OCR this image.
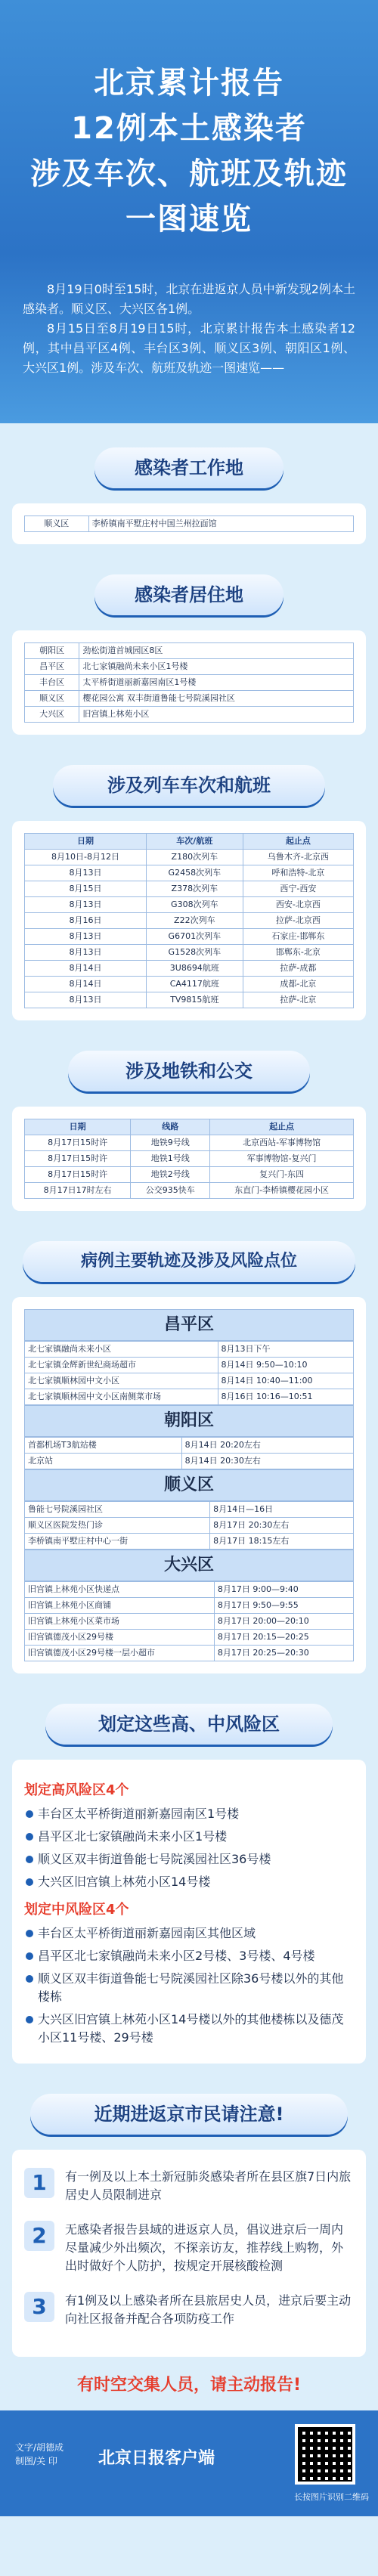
北京累计报告
12例本土感染者
涉及车次、航班及轨迹
一图速览

8月19日0时至15时，北京在进返京人员中新发现2例本土感染者。顺义区、大兴区各1例。

8月15日至8月19日15时，北京累计报告本土感染者12例，其中昌平区4例、丰台区3例、顺义区3例、朝阳区1例、大兴区1例。涉及车次、航班及轨迹一图速览——

感染者工作地
顺义区	李桥镇南平墅庄村中国兰州拉面馆
感染者居住地
朝阳区	劲松街道首城园区8区
昌平区	北七家镇融尚未来小区1号楼
丰台区	太平桥街道丽新嘉园南区1号楼
顺义区	樱花园公寓 双丰街道鲁能七号院溪园社区
大兴区	旧宫镇上林苑小区
涉及列车车次和航班
日期	车次/航班	起止点
8月10日-8月12日	Z180次列车	乌鲁木齐-北京西
8月13日	G2458次列车	呼和浩特-北京
8月15日	Z378次列车	西宁-西安
8月13日	G308次列车	西安-北京西
8月16日	Z22次列车	拉萨-北京西
8月13日	G6701次列车	石家庄-邯郸东
8月13日	G1528次列车	邯郸东-北京
8月14日	3U8694航班	拉萨-成都
8月14日	CA4117航班	成都-北京
8月13日	TV9815航班	拉萨-北京
涉及地铁和公交
日期	线路	起止点
8月17日15时许	地铁9号线	北京西站-军事博物馆
8月17日15时许	地铁1号线	军事博物馆-复兴门
8月17日15时许	地铁2号线	复兴门-东四
8月17日17时左右	公交935快车	东直门-李桥镇樱花园小区
病例主要轨迹及涉及风险点位
昌平区
北七家镇融尚未来小区	8月13日下午
北七家镇金辉新世纪商场超市	8月14日 9:50—10:10
北七家镇顺林园中文小区	8月14日 10:40—11:00
北七家镇顺林园中文小区南侧菜市场	8月16日 10:16—10:51
朝阳区
首都机场T3航站楼	8月14日 20:20左右
北京站	8月14日 20:30左右
顺义区
鲁能七号院溪园社区	8月14日—16日
顺义区医院发热门诊	8月17日 20:30左右
李桥镇南平墅庄村中心一街	8月17日 18:15左右
大兴区
旧宫镇上林苑小区快递点	8月17日 9:00—9:40
旧宫镇上林苑小区商铺	8月17日 9:50—9:55
旧宫镇上林苑小区菜市场	8月17日 20:00—20:10
旧宫镇德茂小区29号楼	8月17日 20:15—20:25
旧宫镇德茂小区29号楼一层小超市	8月17日 20:25—20:30
划定这些高、中风险区
划定高风险区4个
丰台区太平桥街道丽新嘉园南区1号楼
昌平区北七家镇融尚未来小区1号楼
顺义区双丰街道鲁能七号院溪园社区36号楼
大兴区旧宫镇上林苑小区14号楼
划定中风险区4个
丰台区太平桥街道丽新嘉园南区其他区域
昌平区北七家镇融尚未来小区2号楼、3号楼、4号楼
顺义区双丰街道鲁能七号院溪园社区除36号楼以外的其他楼栋
大兴区旧宫镇上林苑小区14号楼以外的其他楼栋以及德茂小区11号楼、29号楼
近期进返京市民请注意!
1	有一例及以上本土新冠肺炎感染者所在县区旗7日内旅居史人员限制进京
2	无感染者报告县域的进返京人员，倡议进京后一周内尽量减少外出频次，不探亲访友，推荐线上购物，外出时做好个人防护，按规定开展核酸检测
3	有1例及以上感染者所在县旅居史人员，进京后要主动向社区报备并配合各项防疫工作
有时空交集人员，请主动报告!
文字/胡德成
制图/关 印	北京日报客户端
长按图片识别二维码
